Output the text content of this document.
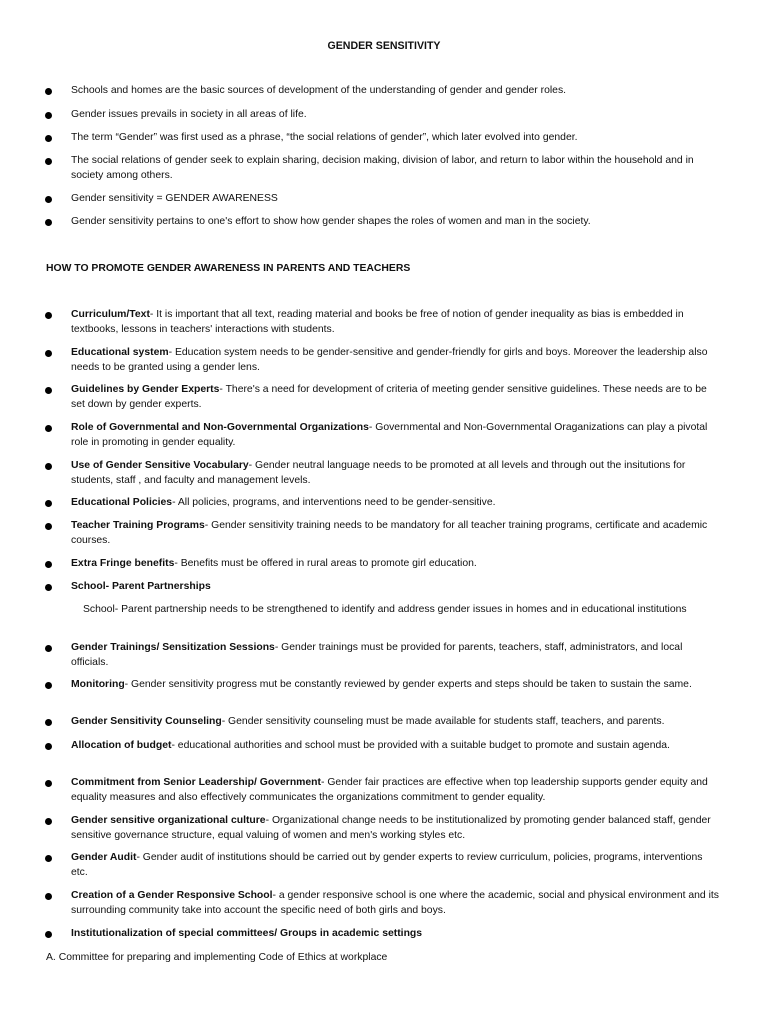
GENDER SENSITIVITY
Schools and homes are the basic sources of development of the understanding of gender and gender roles.
Gender issues prevails in society in all areas of life.
The term “Gender” was first used as a phrase, “the social relations of gender”, which later evolved into gender.
The social relations of gender seek to explain sharing, decision making, division of labor, and return to labor within the household and in society among others.
Gender sensitivity = GENDER AWARENESS
Gender sensitivity pertains to one's effort to show how gender shapes the roles of women and man in the society.
HOW TO PROMOTE GENDER AWARENESS IN PARENTS AND TEACHERS
Curriculum/Text- It is important that all text, reading material and books be free of notion of gender inequality as bias is embedded in textbooks, lessons in teachers' interactions with students.
Educational system- Education system needs to be gender-sensitive and gender-friendly for girls and boys. Moreover the leadership also needs to be granted using a gender lens.
Guidelines by Gender Experts- There's a need for development of criteria of meeting gender sensitive guidelines. These needs are to be set down by gender experts.
Role of Governmental and Non-Governmental Organizations- Governmental and Non-Governmental Oraganizations can play a pivotal role in promoting in gender equality.
Use of Gender Sensitive Vocabulary- Gender neutral language needs to be promoted at all levels and through out the insitutions for students, staff , and faculty and management levels.
Educational Policies- All policies, programs, and interventions need to be gender-sensitive.
Teacher Training Programs- Gender sensitivity training needs to be mandatory for all teacher training programs, certificate and academic courses.
Extra Fringe benefits- Benefits must be offered in rural areas to promote girl education.
School- Parent Partnerships
School- Parent partnership needs to be strengthened to identify and address gender issues in homes and in educational institutions
Gender Trainings/ Sensitization Sessions- Gender trainings must be provided for parents, teachers, staff, administrators, and local officials.
Monitoring- Gender sensitivity progress mut be constantly reviewed by gender experts and steps should be taken to sustain the same.
Gender Sensitivity Counseling- Gender sensitivity counseling must be made available for students staff, teachers, and parents.
Allocation of budget- educational authorities and school must be provided with a suitable budget to promote and sustain agenda.
Commitment from Senior Leadership/ Government- Gender fair practices are effective when top leadership supports gender equity and equality measures and also effectively communicates the organizations commitment to gender equality.
Gender sensitive organizational culture- Organizational change needs to be institutionalized by promoting gender balanced staff, gender sensitive governance structure, equal valuing of women and men's working styles etc.
Gender Audit- Gender audit of institutions should be carried out by gender experts to review curriculum, policies, programs, interventions etc.
Creation of a Gender Responsive School- a gender responsive school is one where the academic, social and physical environment and its surrounding community take into account the specific need of both girls and boys.
Institutionalization of special committees/ Groups in academic settings
A. Committee for preparing and implementing Code of Ethics at workplace
